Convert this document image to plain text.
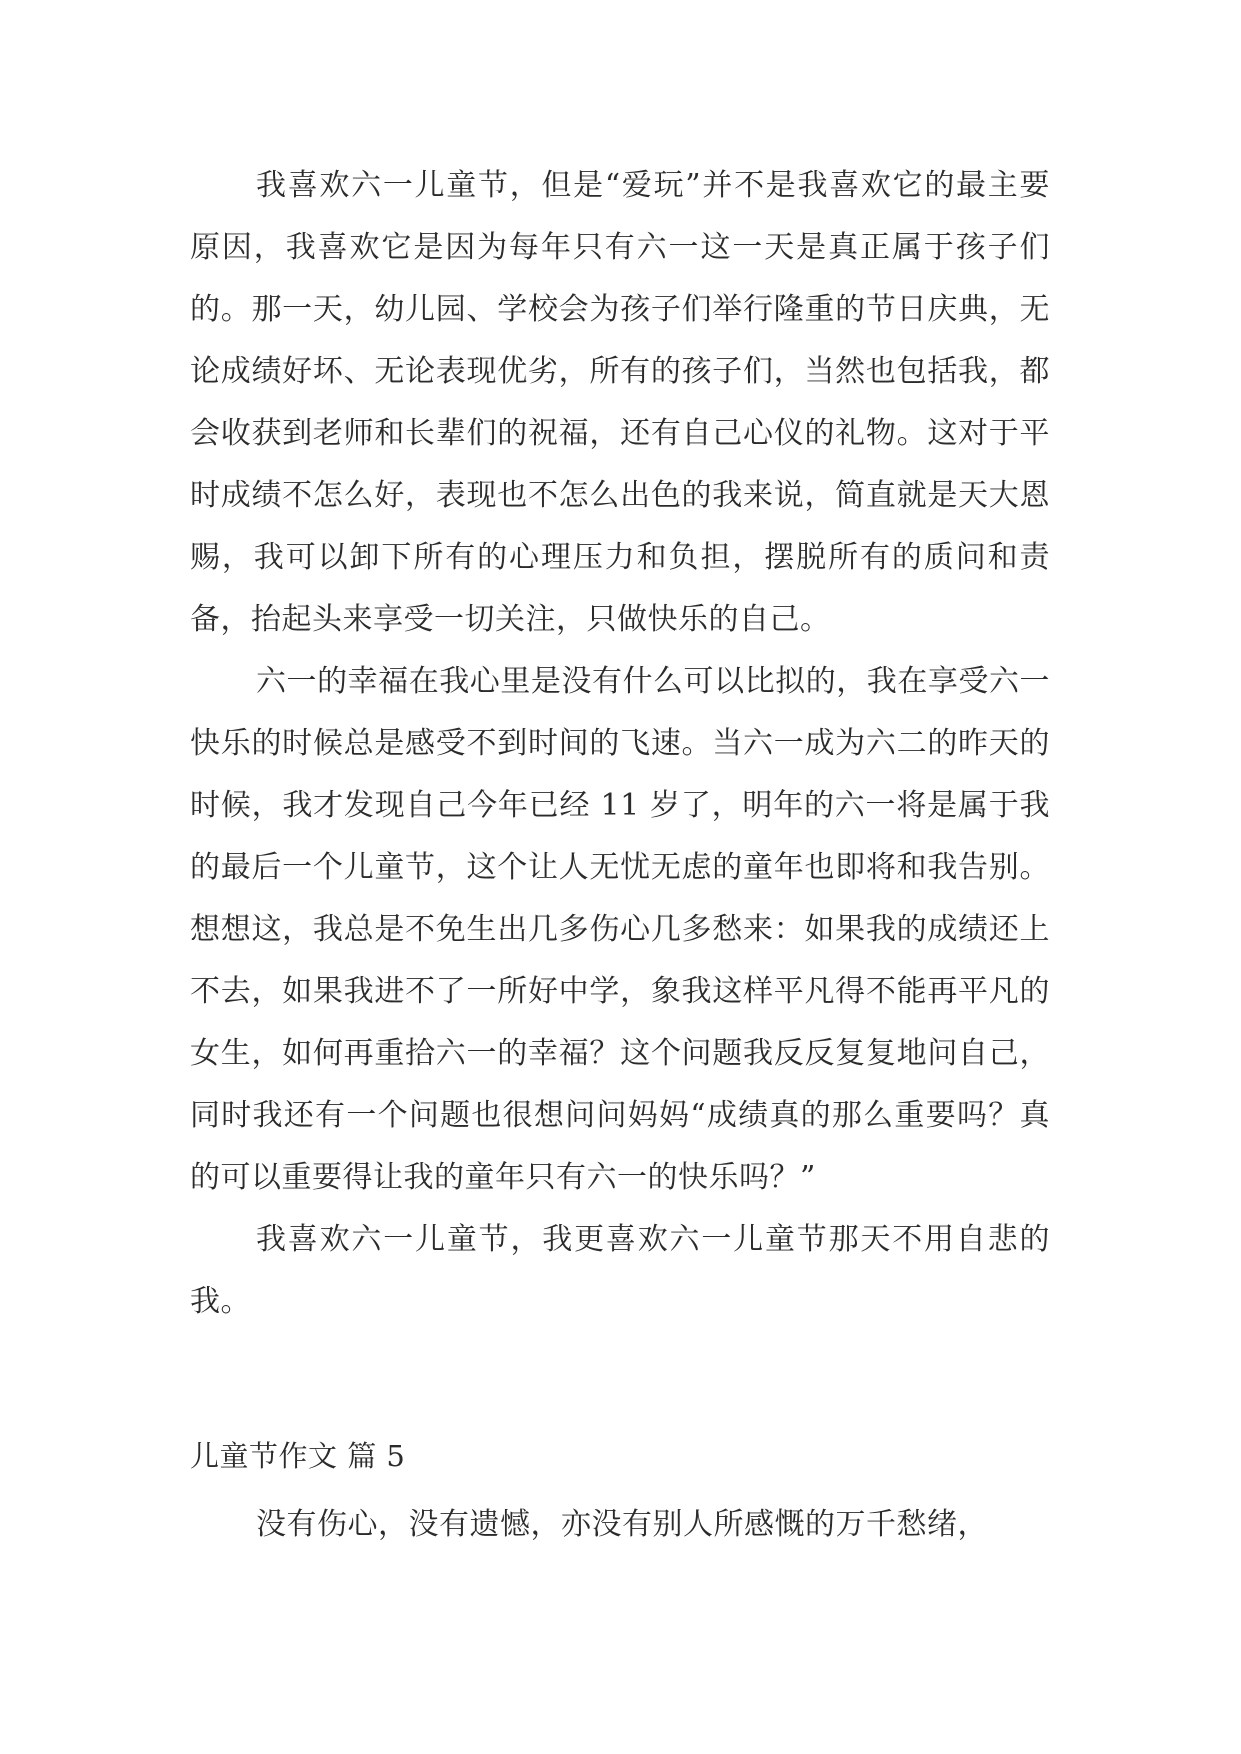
我喜欢六一儿童节，但是“爱玩”并不是我喜欢它的最主要原因，我喜欢它是因为每年只有六一这一天是真正属于孩子们的。那一天，幼儿园、学校会为孩子们举行隆重的节日庆典，无论成绩好坏、无论表现优劣，所有的孩子们，当然也包括我，都会收获到老师和长辈们的祝福，还有自己心仪的礼物。这对于平时成绩不怎么好，表现也不怎么出色的我来说，简直就是天大恩赐，我可以卸下所有的心理压力和负担，摆脱所有的质问和责备，抬起头来享受一切关注，只做快乐的自己。

六一的幸福在我心里是没有什么可以比拟的，我在享受六一快乐的时候总是感受不到时间的飞速。当六一成为六二的昨天的时候，我才发现自己今年已经 11 岁了，明年的六一将是属于我的最后一个儿童节，这个让人无忧无虑的童年也即将和我告别。想想这，我总是不免生出几多伤心几多愁来：如果我的成绩还上不去，如果我进不了一所好中学，象我这样平凡得不能再平凡的女生，如何再重拾六一的幸福？这个问题我反反复复地问自己，同时我还有一个问题也很想问问妈妈“成绩真的那么重要吗？真的可以重要得让我的童年只有六一的快乐吗？”

我喜欢六一儿童节，我更喜欢六一儿童节那天不用自悲的我。

儿童节作文 篇 5

没有伤心，没有遗憾，亦没有别人所感慨的万千愁绪，
